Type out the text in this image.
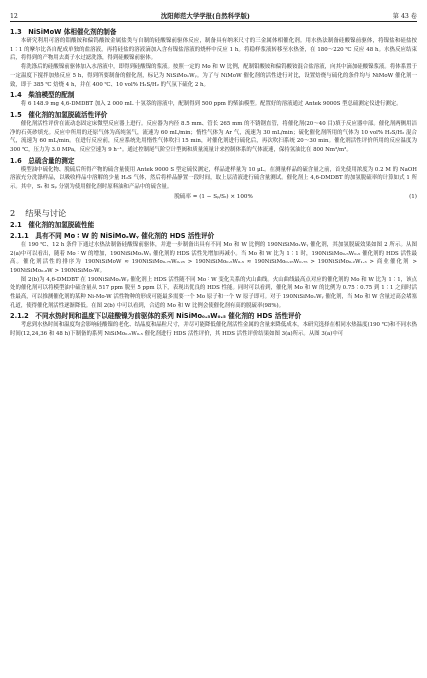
12	沈阳师范大学学报(自然科学版)	第 43 卷
1.3　NiSiMoW 体相催化剂的制备

本研究利用可溶的钼酸铵和偏钨酸铵金属盐类与自制的硅酸镍前驱体反应，制备具有纳米尺寸的三金属体相催化剂。用水热法制备硅酸镍前驱体，将镍盐和硅盐按 1∶1 的摩尔比各自配成单独的盐溶液，再将硅盐的溶液滴加入含有镍盐溶液的烧杯中反应 1 h。将稳样浆液转移至水热釜，在 180～220 ℃ 反应 48 h。水热反应结束后，将得到的产物用去离子水过滤洗涤，得到硅酸镍前驱体。

将洗涤后的硅酸镍前驱体加入水溶液中，即得到硅酸镍的浆液。按照一定的 Mo 和 W 比例，配制钼酸铵和偏钨酸铵混合盐溶液，向其中滴加硅酸镍浆液。将体系置于一定温度下搅拌加热反应 5 h，得到所要制备的催化剂，标记为 NiSiMoₓWᵧ。为了与 NiMoW 催化剂的活性进行对比，设置焙烧与硫化的条件均与 NiMoW 催化剂一致，即于 385 ℃ 焙烧 4 h，并在 400 ℃、10 vol% H₂S/H₂ 的气氛下硫化 2 h。

1.4　柴油模型的配制

将 6 148.9 mg 4,6-DMDBT 加入 2 000 mL 十氢萘的溶液中，配制得到 500 ppm 的柴油模型。配置好的溶液通过 Antek 9000S 型总硫测定仪进行测定。

1.5　催化剂的加氢脱硫活性评价

催化剂活性评价在流动态固定床微型反应器上进行。反应器为内径 8.5 mm、管长 265 mm 的不锈钢直管，将催化剂(20～40 目)填于反应器中部。催化剂两侧用洁净的石英砂填充。反应中所用的还原气体为高纯氢气，流速为 60 mL/min；惰性气体为 Ar 气，流速为 30 mL/min；硫化催化剂所用的气体为 10 vol% H₂S/H₂ 混合气，流速为 60 mL/min。在进行反应前，反应系统先用惰性气体吹扫 15 min，对催化剂进行硫化后，再次吹扫系统 20～30 min。催化剂活性评价所用的反应温度为 300 ℃，压力为 3.0 MPa，反应空速为 9 h⁻¹。通过控制尾气阶空计型阀和质量流量计来控制体系的气体流速，保持氢油比在 800 Nm³/m³。

1.6　总硫含量的测定

模型油中硫化物、脱硫后所得产物的硫含量使用 Antek 9000 S 型定硫仪测定，样品进样量为 10 μL。在测量样品的硫含量之前，首先使用浓度为 0.2 M 的 NaOH 溶液充分洗涤样品，以吸收样品中溶解的少量 H₂S 气体，然后将样品静置一段时间，取上层清液进行硫含量测试。催化剂上 4,6-DMDBT 的加氢脱硫率的计算如式 1 所示。其中，Sₜ 和 Sₚ 分别为使用催化剂时原料油和产品中的硫含量。

脱硫率 = (1 − Sₚ/Sₜ) × 100%	(1)
2 结果与讨论
2.1　催化剂的加氢脱硫性能
2.1.1　具有不同 Mo ∶ W 的 NiSiMoₓWᵧ 催化剂的 HDS 活性评价

在 190 ℃、12 h 条件下通过水热法制备硅酸镍前驱体，并进一步制备出具有不同 Mo 和 W 比例的 190NiSiMoₓWᵧ 催化剂，其加氢脱硫效果如图 2 所示。从图 2(a)中可以看出，随着 Mo ∶ W 的增加，190NiSiMoₓWᵧ 催化剂的 HDS 活性先增加再减小。当 Mo 和 W 比为 1∶1 时，190NiSiMo₀.₅W₀.₅ 催化剂的 HDS 活性最高。催化剂活性的排序为 190NiSiMoW ≈ 190NiSiMo₀.₇₅W₀.₂₅ > 190NiSiMo₀.₅W₀.₅ ≈ 190NiSiMo₀.₂₅W₀.₇₅ > 190NiSiMo₀.₂W₁.₃ > 商业催化剂 > 190NiSiMo₀.₈W > 190NiSiMo₇W。

图 2(b)为 4,6-DMDBT 在 190NiSiMoₓWᵧ 催化剂上 HDS 活性随不同 Mo ∶ W 变化关系的火山曲线。火山曲线最高点对应的催化剂的 Mo 和 W 比为 1∶1，该点处的催化剂可以将模型油中硫含量从 517 ppm 脱至 5 ppm 以下，表现出优良的 HDS 性能。同时可以看到，催化剂 Mo 和 W 的比例为 0.75∶0.75 到 1∶1 之间时活性最高，可以推测催化剂的某种 Ni-Mo-W 活性物种的形成可能最多需要一个 Mo 原子和一个 W 原子即可。对于 190NiSiMoₓWᵧ 催化剂，当 Mo 和 W 含量过高会堵塞孔道，使得催化剂活性逐渐降低。在图 2(b) 中可以看到，合适的 Mo 和 W 比例会使催化剂有高的脱硫率(98%)。

2.1.2　不同水热时间和温度下以硅酸镍为前驱体的系列 NiSiMo₀.₅W₀.₅ 催化剂的 HDS 活性评价

考虑到水热时间和温度均会影响硅酸镍的老化、结晶度和晶粒尺寸，并尽可能降低催化剂活性金属的含量来降低成本，本研究选择在相同水热温度(190 ℃)和不同水热时间(12,24,36 和 48 h)下制备的系列 NiSiMo₀.₅W₀.₅ 催化剂进行 HDS 活性评价，其 HDS 活性评价结果如图 3(a)所示。从图 3(a)中可
